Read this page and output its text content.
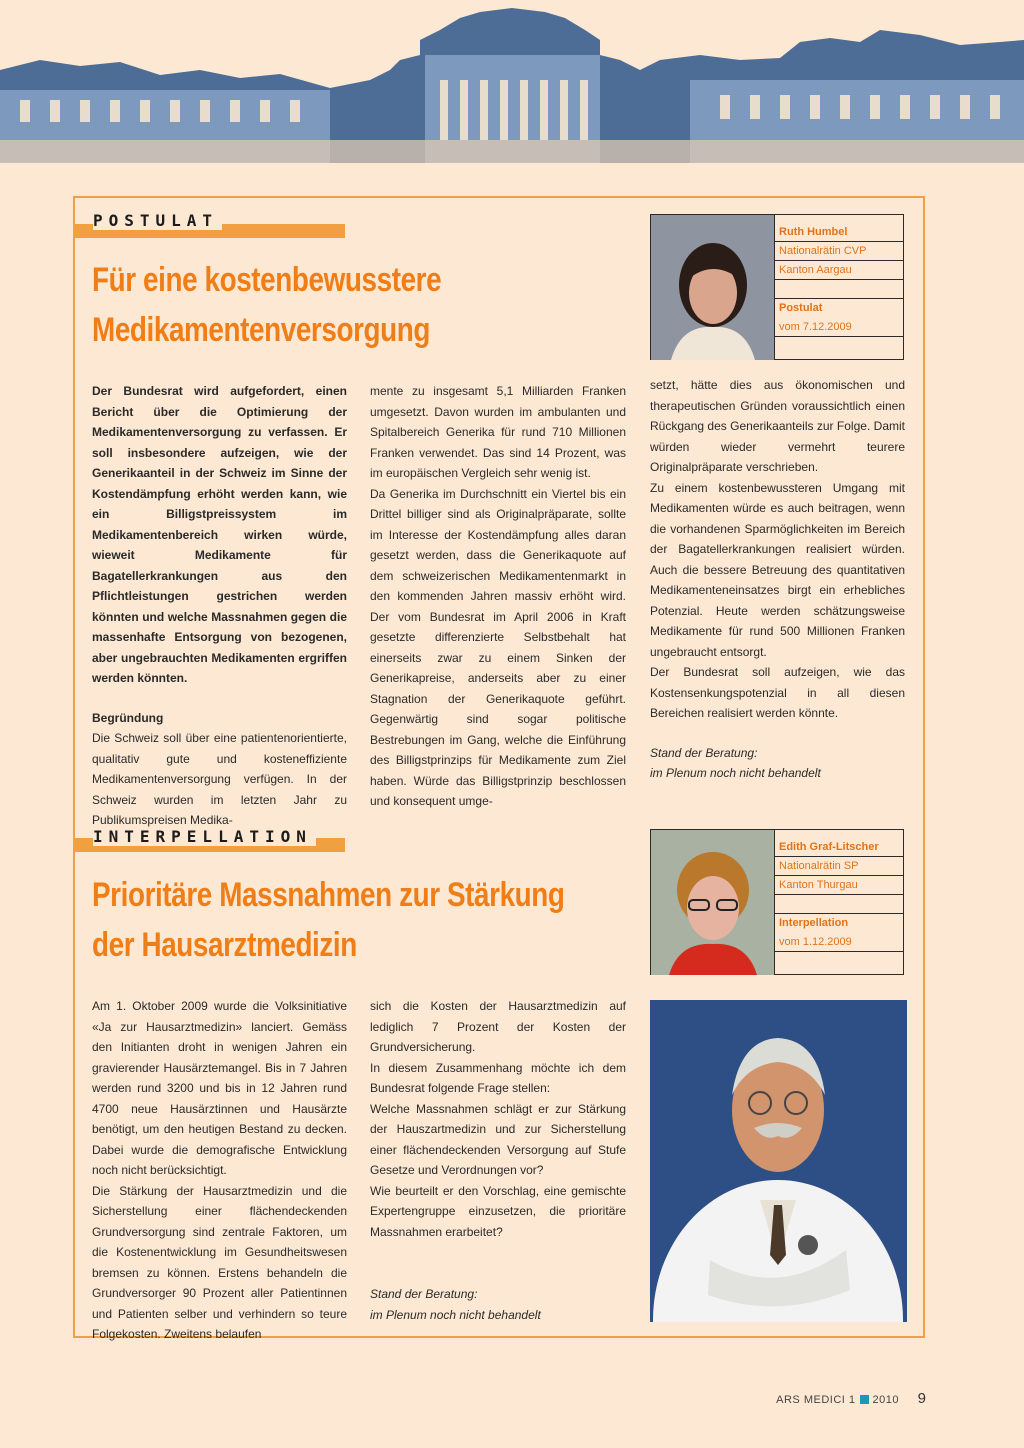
POSTULAT
Für eine kostenbewusstere
Medikamentenversorgung
Ruth Humbel
Nationalrätin CVP
Kanton Aargau
Postulat
vom 7.12.2009

Der Bundesrat wird aufgefordert, einen Bericht über die Optimierung der Medikamentenversorgung zu verfassen. Er soll insbesondere aufzeigen, wie der Generikaanteil in der Schweiz im Sinne der Kostendämpfung erhöht werden kann, wie ein Billigstpreissystem im Medikamentenbereich wirken würde, wieweit Medikamente für Bagatellerkrankungen aus den Pflichtleistungen gestrichen werden könnten und welche Massnahmen gegen die massenhafte Entsorgung von bezogenen, aber ungebrauchten Medikamenten ergriffen werden könnten.

Begründung

Die Schweiz soll über eine patientenorientierte, qualitativ gute und kosteneffiziente Medikamentenversorgung verfügen. In der Schweiz wurden im letzten Jahr zu Publikumspreisen Medika-

mente zu insgesamt 5,1 Milliarden Franken umgesetzt. Davon wurden im ambulanten und Spitalbereich Generika für rund 710 Millionen Franken verwendet. Das sind 14 Prozent, was im europäischen Vergleich sehr wenig ist.

Da Generika im Durchschnitt ein Viertel bis ein Drittel billiger sind als Originalpräparate, sollte im Interesse der Kostendämpfung alles daran gesetzt werden, dass die Generikaquote auf dem schweizerischen Medikamentenmarkt in den kommenden Jahren massiv erhöht wird. Der vom Bundesrat im April 2006 in Kraft gesetzte differenzierte Selbstbehalt hat einerseits zwar zu einem Sinken der Generikapreise, anderseits aber zu einer Stagnation der Generikaquote geführt. Gegenwärtig sind sogar politische Bestrebungen im Gang, welche die Einführung des Billigstprinzips für Medikamente zum Ziel haben. Würde das Billigstprinzip beschlossen und konsequent umge-

setzt, hätte dies aus ökonomischen und therapeutischen Gründen voraussichtlich einen Rückgang des Generikaanteils zur Folge. Damit würden wieder vermehrt teurere Originalpräparate verschrieben.

Zu einem kostenbewussteren Umgang mit Medikamenten würde es auch beitragen, wenn die vorhandenen Sparmöglichkeiten im Bereich der Bagatellerkrankungen realisiert würden. Auch die bessere Betreuung des quantitativen Medikamenteneinsatzes birgt ein erhebliches Potenzial. Heute werden schätzungsweise Medikamente für rund 500 Millionen Franken ungebraucht entsorgt.

Der Bundesrat soll aufzeigen, wie das Kostensenkungspotenzial in all diesen Bereichen realisiert werden könnte.

Stand der Beratung:

im Plenum noch nicht behandelt

INTERPELLATION
Prioritäre Massnahmen zur Stärkung
der Hausarztmedizin
Edith Graf-Litscher
Nationalrätin SP
Kanton Thurgau
Interpellation
vom 1.12.2009

Am 1. Oktober 2009 wurde die Volksinitiative «Ja zur Hausarztmedizin» lanciert. Gemäss den Initianten droht in wenigen Jahren ein gravierender Hausärztemangel. Bis in 7 Jahren werden rund 3200 und bis in 12 Jahren rund 4700 neue Hausärztinnen und Hausärzte benötigt, um den heutigen Bestand zu decken. Dabei wurde die demografische Entwicklung noch nicht berücksichtigt.

Die Stärkung der Hausarztmedizin und die Sicherstellung einer flächendeckenden Grundversorgung sind zentrale Faktoren, um die Kostenentwicklung im Gesundheitswesen bremsen zu können. Erstens behandeln die Grundversorger 90 Prozent aller Patientinnen und Patienten selber und verhindern so teure Folgekosten. Zweitens belaufen

sich die Kosten der Hausarztmedizin auf lediglich 7 Prozent der Kosten der Grundversicherung.

In diesem Zusammenhang möchte ich dem Bundesrat folgende Frage stellen:

Welche Massnahmen schlägt er zur Stärkung der Hauszartmedizin und zur Sicherstellung einer flächendeckenden Versorgung auf Stufe Gesetze und Verordnungen vor?

Wie beurteilt er den Vorschlag, eine gemischte Expertengruppe einzusetzen, die prioritäre Massnahmen erarbeitet?

Stand der Beratung:

im Plenum noch nicht behandelt

ARS MEDICI 1 2010	9
